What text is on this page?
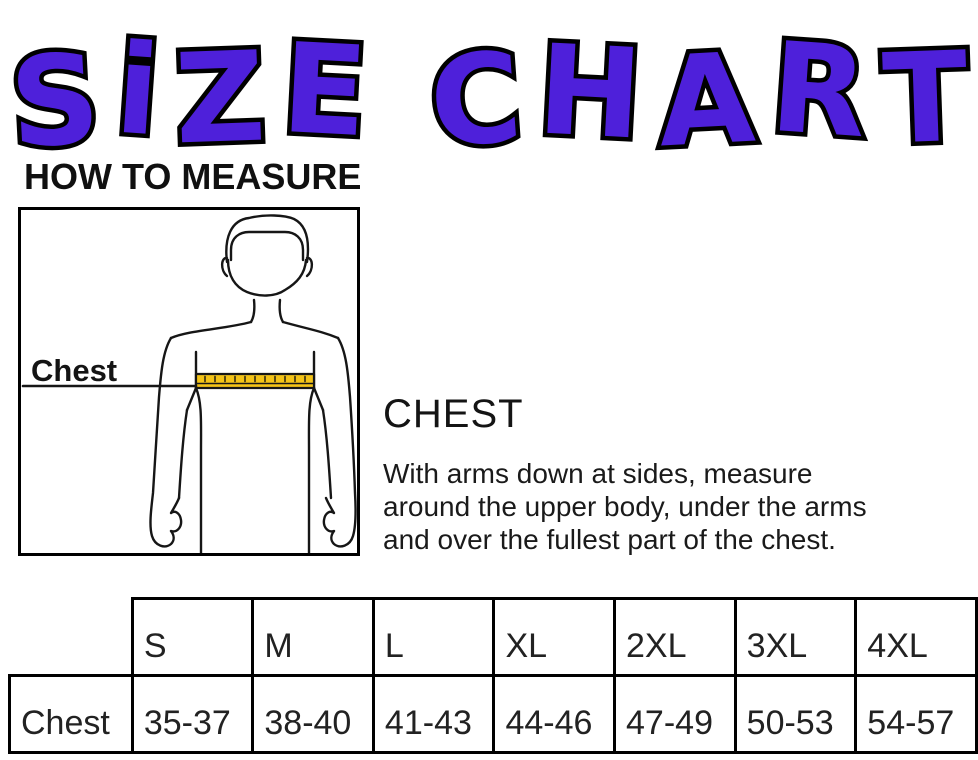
S i Z E
C H A R T
HOW TO MEASURE
Chest
CHEST
With arms down at sides, measure
around the upper body, under the arms
and over the fullest part of the chest.
	S	M	L	XL	2XL	3XL	4XL
Chest	35-37	38-40	41-43	44-46	47-49	50-53	54-57
